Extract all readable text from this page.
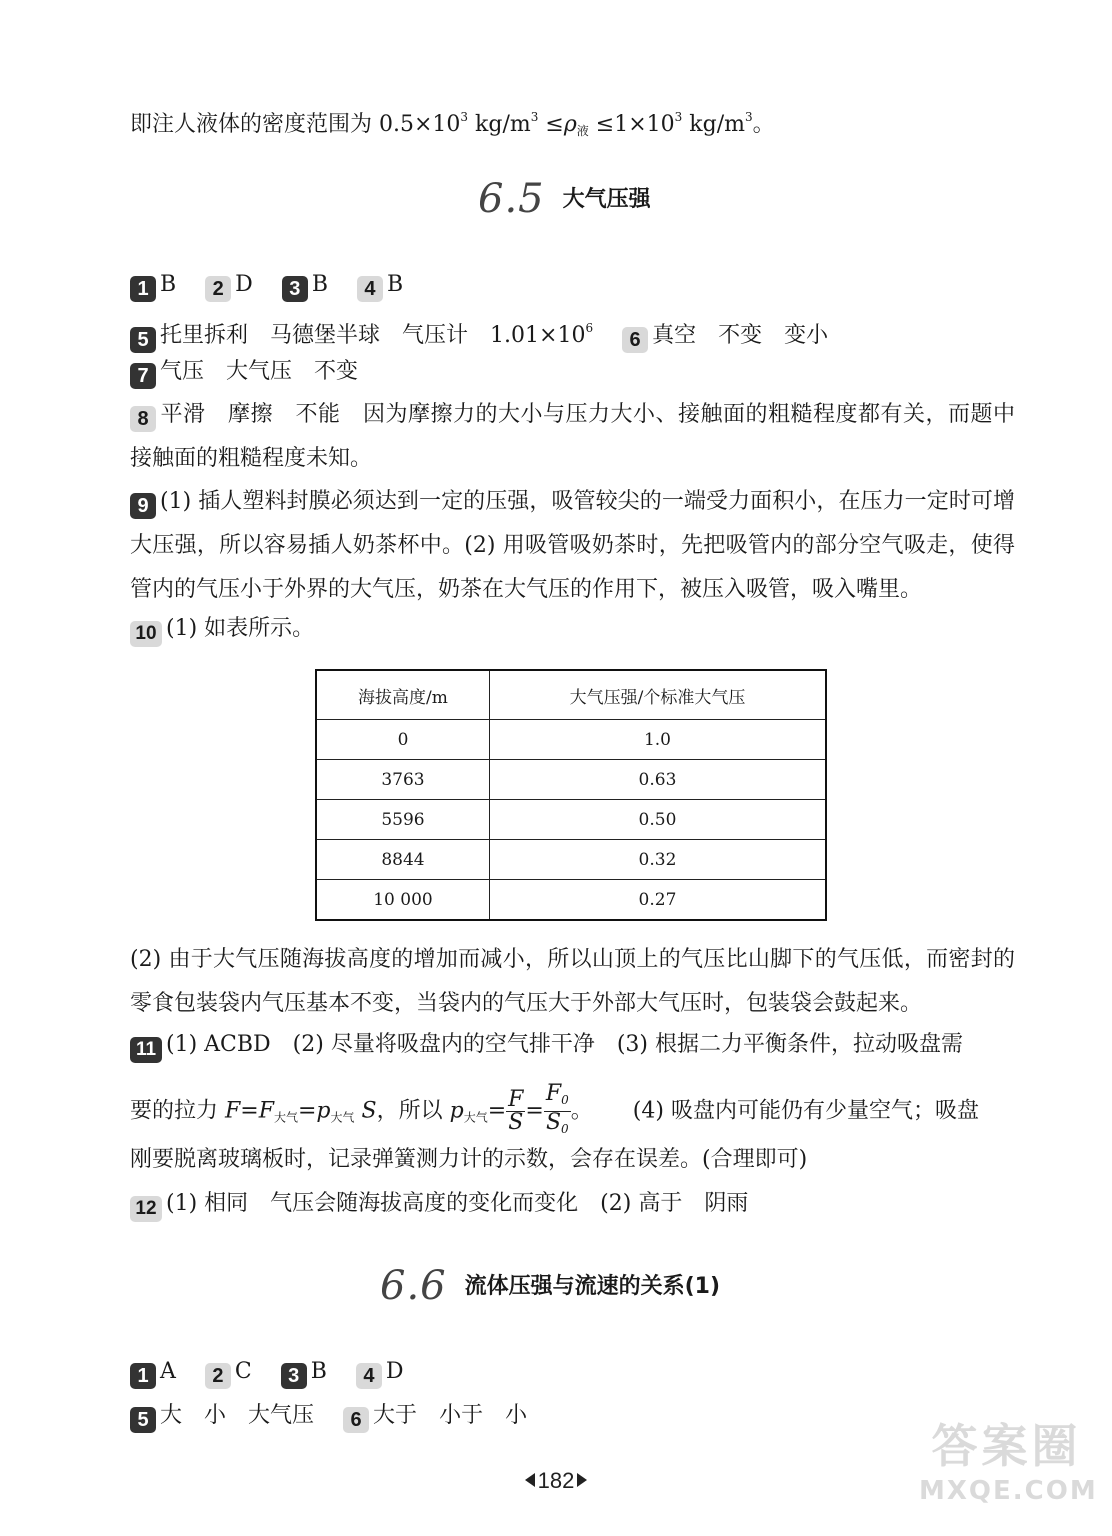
即注人液体的密度范围为 $0.5\times 10^3$ $kg/m^3 \le\rho_液 \le 1\times 10^3$ $kg/m^3$。
6.5 大气压强
1 B 2 D 3 B 4 B
5 托里拆利 马德堡半球 气压计 $1.01\times 10^6$ 6 真空 不变 变小
7 气压 大气压 不变
8 平滑　摩擦　不能　因为摩擦力的大小与压力大小、接触面的粗糙程度都有关，而题中接触面的粗糙程度未知。
9 (1) 插人塑料封膜必须达到一定的压强，吸管较尖的一端受力面积小，在压力一定时可增大压强，所以容易插人奶茶杯中。(2) 用吸管吸奶茶时，先把吸管内的部分空气吸走，使得管内的气压小于外界的大气压，奶茶在大气压的作用下，被压入吸管，吸入嘴里。
10 (1) 如表所示。
海拔高度/m	大气压强/个标准大气压
0	1.0
3763	0.63
5596	0.50
8844	0.32
10 000	0.27
(2) 由于大气压随海拔高度的增加而减小，所以山顶上的气压比山脚下的气压低，而密封的零食包装袋内气压基本不变，当袋内的气压大于外部大气压时，包装袋会鼓起来。
11 (1) ACBD　(2) 尽量将吸盘内的空气排干净　(3) 根据二力平衡条件，拉动吸盘需
要的拉力 $F=F_{大气}=p_{大气}$ S，所以 $p_{大气}= \frac{F}{S} = \frac{F_0}{S_0}$ 。 (4) 吸盘内可能仍有少量空气；吸盘
刚要脱离玻璃板时，记录弹簧测力计的示数，会存在误差。(合理即可)
12 (1) 相同　气压会随海拔高度的变化而变化　(2) 高于　阴雨
6.6 流体压强与流速的关系(1)
1 A 2 C 3 B 4 D
5 大 小 大气压 6 大于 小于 小
182
答案圈
MXQE.COM
